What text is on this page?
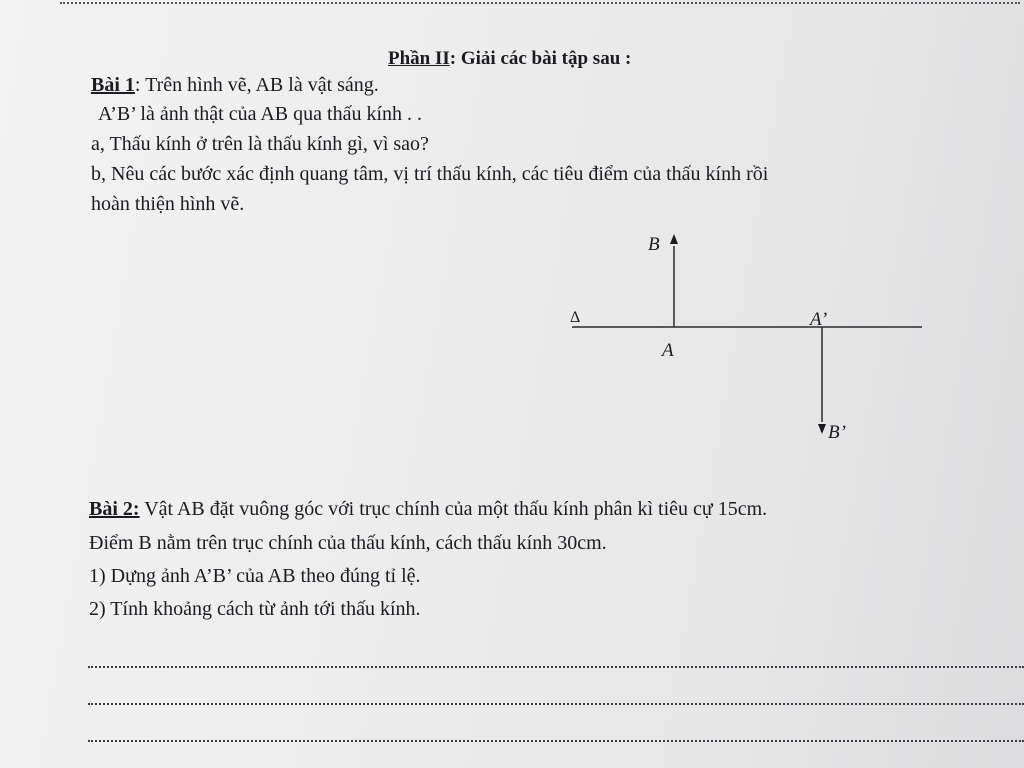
Phần II: Giải các bài tập sau :
Bài 1: Trên hình vẽ, AB là vật sáng.
A’B’ là ảnh thật của AB qua thấu kính . .
a, Thấu kính ở trên là thấu kính gì, vì sao?
b, Nêu các bước xác định quang tâm, vị trí thấu kính, các tiêu điểm của thấu kính rồi
hoàn thiện hình vẽ.
Δ
B
A
A’
B’
Bài 2: Vật AB đặt vuông góc với trục chính của một thấu kính phân kì tiêu cự 15cm.
Điểm B nằm trên trục chính của thấu kính, cách thấu kính 30cm.
1) Dựng ảnh A’B’ của AB theo đúng tỉ lệ.
2) Tính khoảng cách từ ảnh tới thấu kính.
